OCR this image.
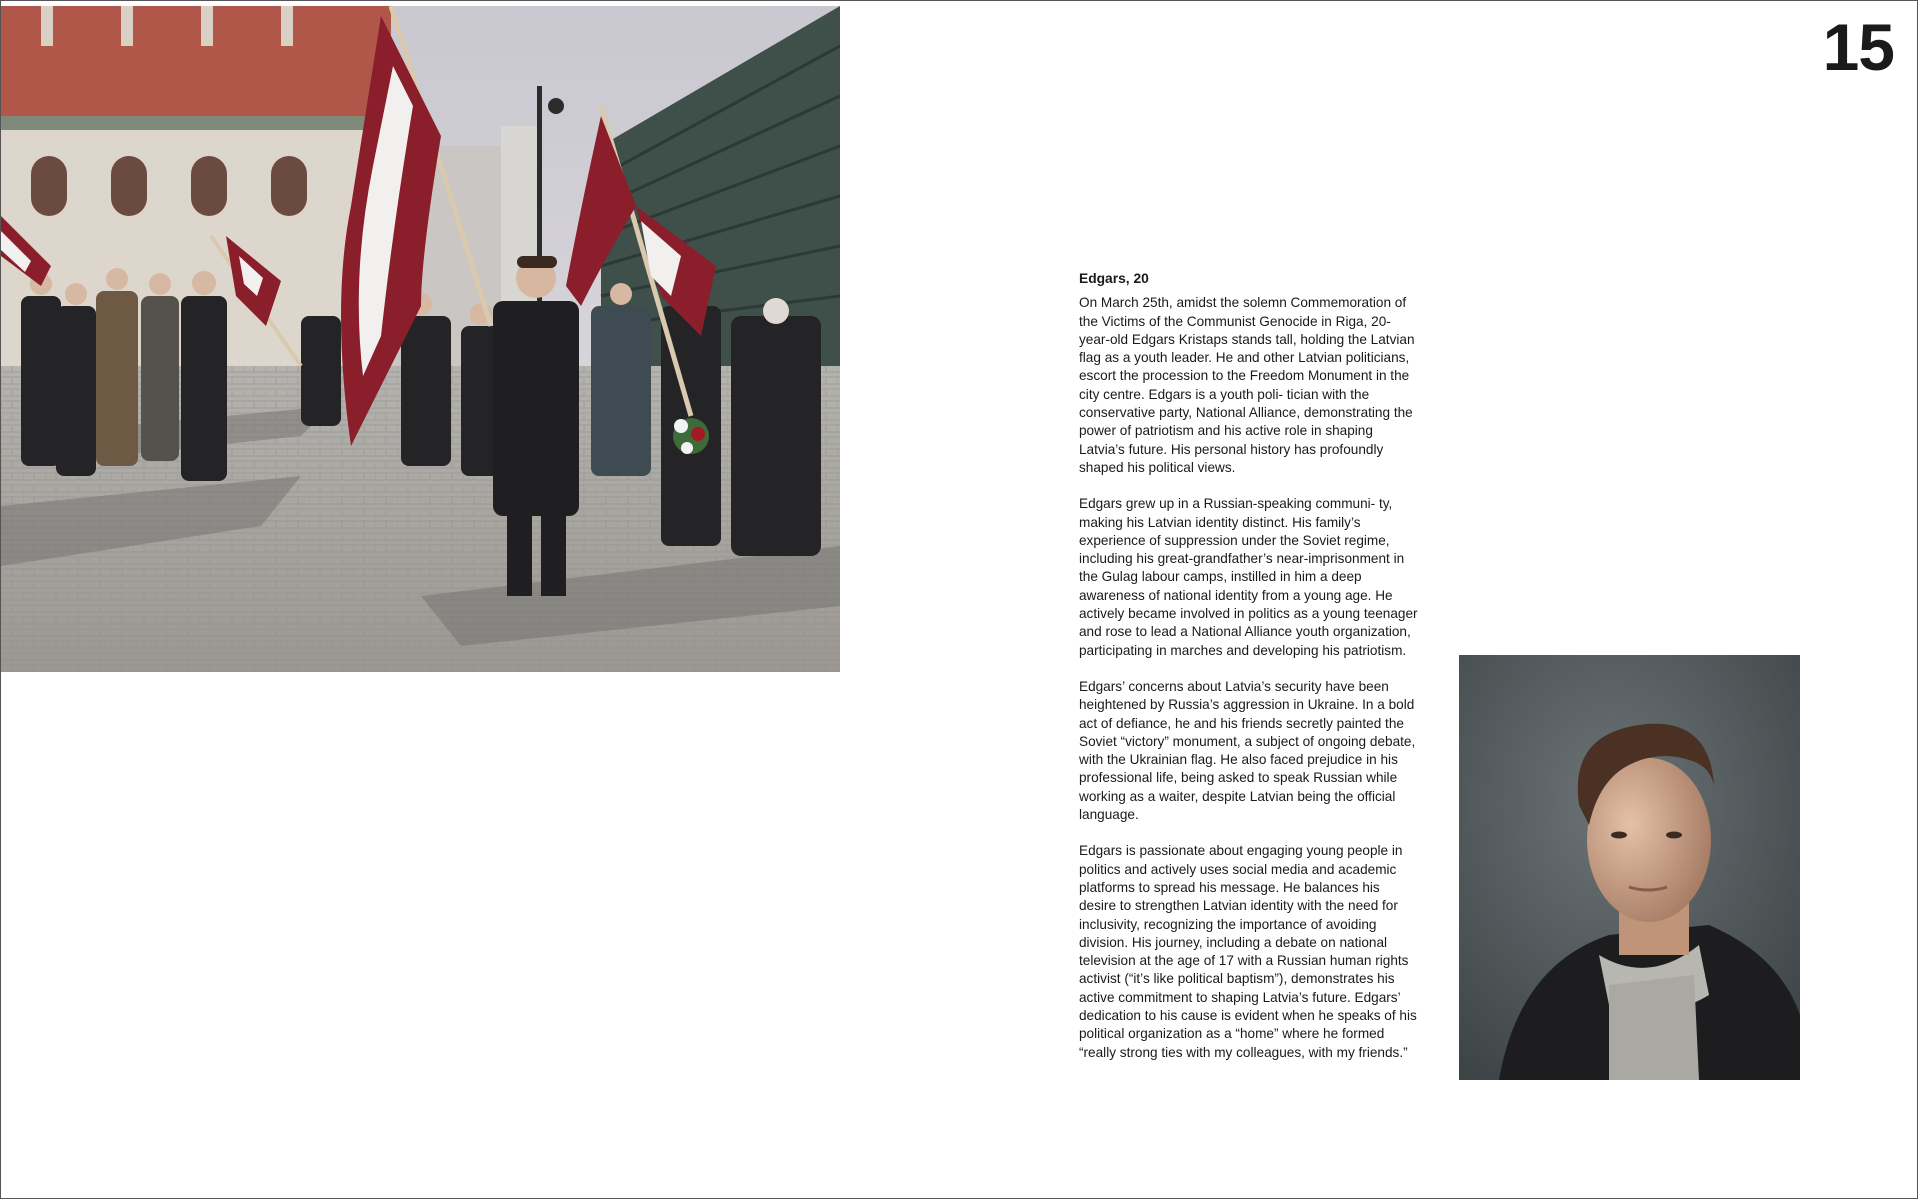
15
Edgars, 20

On March 25th, amidst the solemn Commemoration of the Victims of the Communist Genocide in Riga, 20-year-old Edgars Kristaps stands tall, holding the Latvian flag as a youth leader. He and other Latvian politicians, escort the procession to the Freedom Monument in the city centre. Edgars is a youth poli- tician with the conservative party, National Alliance, demonstrating the power of patriotism and his active role in shaping Latvia’s future. His personal history has profoundly shaped his political views.

Edgars grew up in a Russian-speaking communi- ty, making his Latvian identity distinct. His family’s experience of suppression under the Soviet regime, including his great-grandfather’s near-imprisonment in the Gulag labour camps, instilled in him a deep awareness of national identity from a young age. He actively became involved in politics as a young teenager and rose to lead a National Alliance youth organization, participating in marches and developing his patriotism.

Edgars’ concerns about Latvia’s security have been heightened by Russia’s aggression in Ukraine. In a bold act of defiance, he and his friends secretly painted the Soviet “victory” monument, a subject of ongoing debate, with the Ukrainian flag. He also faced prejudice in his professional life, being asked to speak Russian while working as a waiter, despite Latvian being the official language.

Edgars is passionate about engaging young people in politics and actively uses social media and academic platforms to spread his message. He balances his desire to strengthen Latvian identity with the need for inclusivity, recognizing the importance of avoiding division. His journey, including a debate on national television at the age of 17 with a Russian human rights activist (“it’s like political baptism”), demonstrates his active commitment to shaping Latvia’s future. Edgars’ dedication to his cause is evident when he speaks of his political organization as a “home” where he formed “really strong ties with my colleagues, with my friends.”
